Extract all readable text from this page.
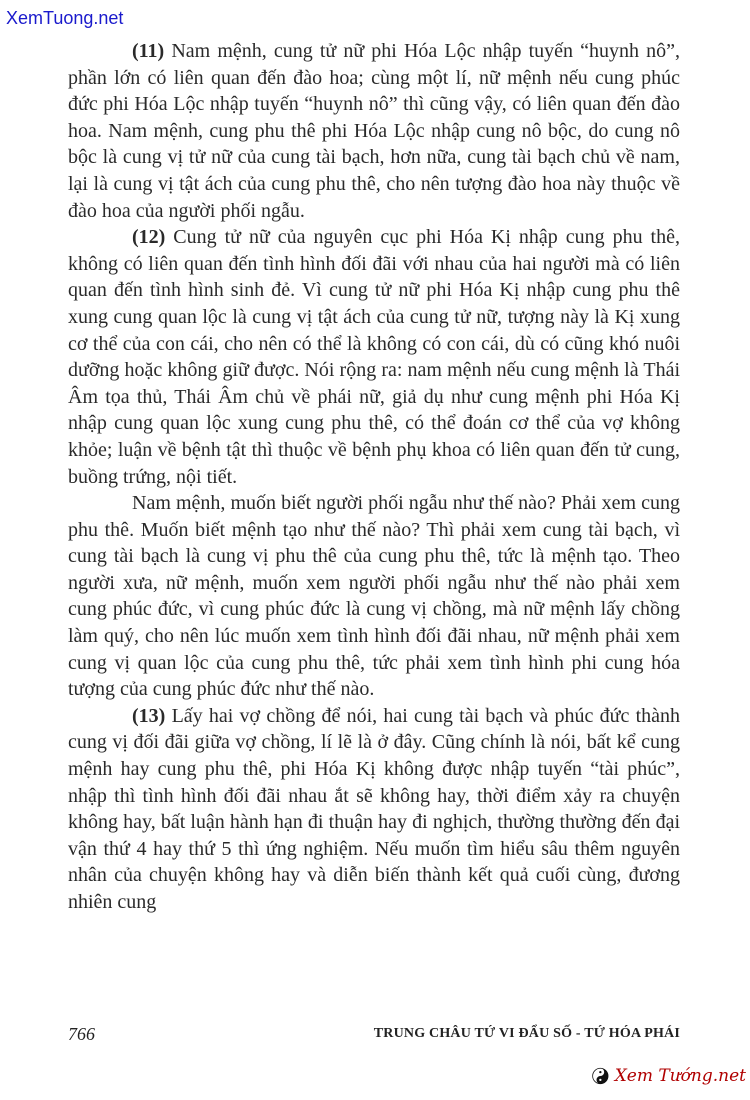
XemTuong.net

(11) Nam mệnh, cung tử nữ phi Hóa Lộc nhập tuyến “huynh nô”, phần lớn có liên quan đến đào hoa; cùng một lí, nữ mệnh nếu cung phúc đức phi Hóa Lộc nhập tuyến “huynh nô” thì cũng vậy, có liên quan đến đào hoa. Nam mệnh, cung phu thê phi Hóa Lộc nhập cung nô bộc, do cung nô bộc là cung vị tử nữ của cung tài bạch, hơn nữa, cung tài bạch chủ về nam, lại là cung vị tật ách của cung phu thê, cho nên tượng đào hoa này thuộc về đào hoa của người phối ngẫu.

(12) Cung tử nữ của nguyên cục phi Hóa Kị nhập cung phu thê, không có liên quan đến tình hình đối đãi với nhau của hai người mà có liên quan đến tình hình sinh đẻ. Vì cung tử nữ phi Hóa Kị nhập cung phu thê xung cung quan lộc là cung vị tật ách của cung tử nữ, tượng này là Kị xung cơ thể của con cái, cho nên có thể là không có con cái, dù có cũng khó nuôi dưỡng hoặc không giữ được. Nói rộng ra: nam mệnh nếu cung mệnh là Thái Âm tọa thủ, Thái Âm chủ về phái nữ, giả dụ như cung mệnh phi Hóa Kị nhập cung quan lộc xung cung phu thê, có thể đoán cơ thể của vợ không khỏe; luận về bệnh tật thì thuộc về bệnh phụ khoa có liên quan đến tử cung, buồng trứng, nội tiết.

Nam mệnh, muốn biết người phối ngẫu như thế nào? Phải xem cung phu thê. Muốn biết mệnh tạo như thế nào? Thì phải xem cung tài bạch, vì cung tài bạch là cung vị phu thê của cung phu thê, tức là mệnh tạo. Theo người xưa, nữ mệnh, muốn xem người phối ngẫu như thế nào phải xem cung phúc đức, vì cung phúc đức là cung vị chồng, mà nữ mệnh lấy chồng làm quý, cho nên lúc muốn xem tình hình đối đãi nhau, nữ mệnh phải xem cung vị quan lộc của cung phu thê, tức phải xem tình hình phi cung hóa tượng của cung phúc đức như thế nào.

(13) Lấy hai vợ chồng để nói, hai cung tài bạch và phúc đức thành cung vị đối đãi giữa vợ chồng, lí lẽ là ở đây. Cũng chính là nói, bất kể cung mệnh hay cung phu thê, phi Hóa Kị không được nhập tuyến “tài phúc”, nhập thì tình hình đối đãi nhau ắt sẽ không hay, thời điểm xảy ra chuyện không hay, bất luận hành hạn đi thuận hay đi nghịch, thường thường đến đại vận thứ 4 hay thứ 5 thì ứng nghiệm. Nếu muốn tìm hiểu sâu thêm nguyên nhân của chuyện không hay và diễn biến thành kết quả cuối cùng, đương nhiên cung

766	TRUNG CHÂU TỨ VI ĐẨU SỐ - TỨ HÓA PHÁI
Xem Tướng.net
